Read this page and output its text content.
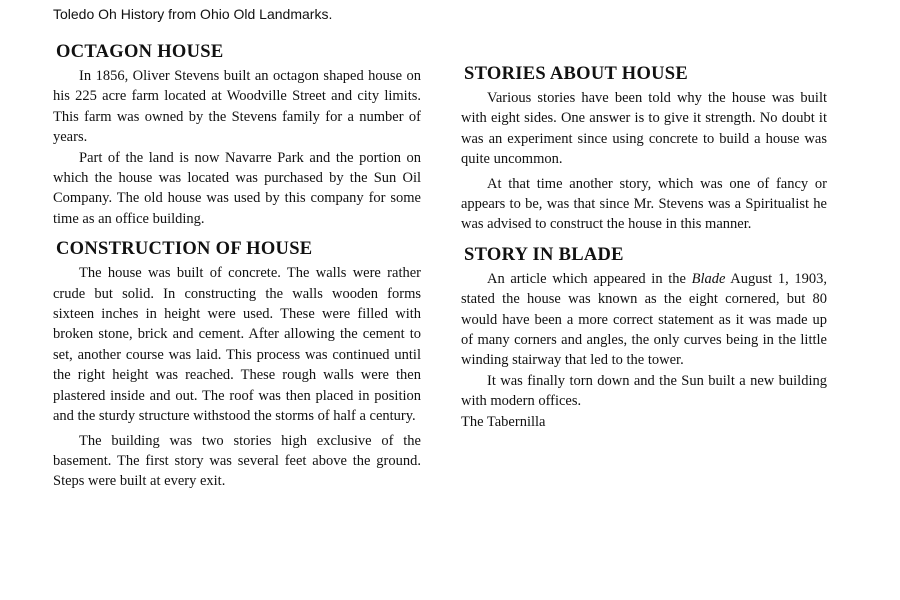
Toledo Oh History from Ohio Old Landmarks.
OCTAGON HOUSE

In 1856, Oliver Stevens built an octagon shaped house on his 225 acre farm located at Woodville Street and city limits. This farm was owned by the Stevens family for a number of years.

Part of the land is now Navarre Park and the portion on which the house was located was purchased by the Sun Oil Company. The old house was used by this company for some time as an office building.

CONSTRUCTION OF HOUSE

The house was built of concrete. The walls were rather crude but solid. In constructing the walls wooden forms sixteen inches in height were used. These were filled with broken stone, brick and cement. After allowing the cement to set, another course was laid. This process was continued until the right height was reached. These rough walls were then plastered inside and out. The roof was then placed in position and the sturdy structure withstood the storms of half a century.

The building was two stories high exclusive of the basement. The first story was several feet above the ground. Steps were built at every exit.

STORIES ABOUT HOUSE

Various stories have been told why the house was built with eight sides. One answer is to give it strength. No doubt it was an experiment since using concrete to build a house was quite uncommon.

At that time another story, which was one of fancy or appears to be, was that since Mr. Stevens was a Spiritualist he was advised to construct the house in this manner.

STORY IN BLADE

An article which appeared in the Blade August 1, 1903, stated the house was known as the eight cornered, but 80 would have been a more correct statement as it was made up of many corners and angles, the only curves being in the little winding stairway that led to the tower.

It was finally torn down and the Sun built a new building with modern offices.

The Tabernilla
